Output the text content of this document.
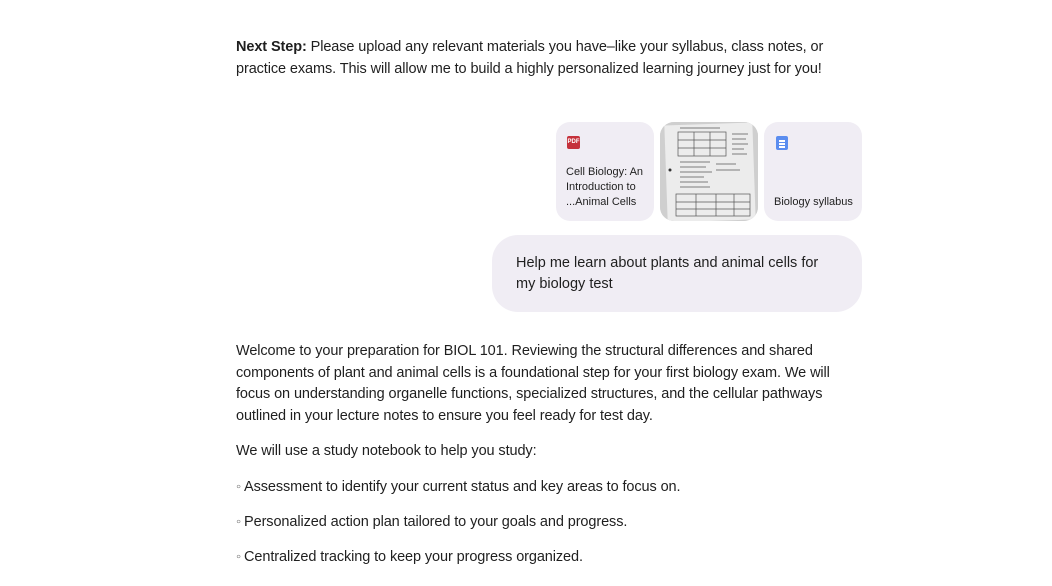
Next Step: Please upload any relevant materials you have–like your syllabus, class notes, or practice exams. This will allow me to build a highly personalized learning journey just for you!
PDF
Cell Biology: An Introduction to ...Animal Cells	Biology syllabus
Help me learn about plants and animal cells for my biology test

Welcome to your preparation for BIOL 101. Reviewing the structural differences and shared components of plant and animal cells is a foundational step for your first biology exam. We will focus on understanding organelle functions, specialized structures, and the cellular pathways outlined in your lecture notes to ensure you feel ready for test day.

We will use a study notebook to help you study:

◦ Assessment to identify your current status and key areas to focus on.

◦ Personalized action plan tailored to your goals and progress.

◦ Centralized tracking to keep your progress organized.
